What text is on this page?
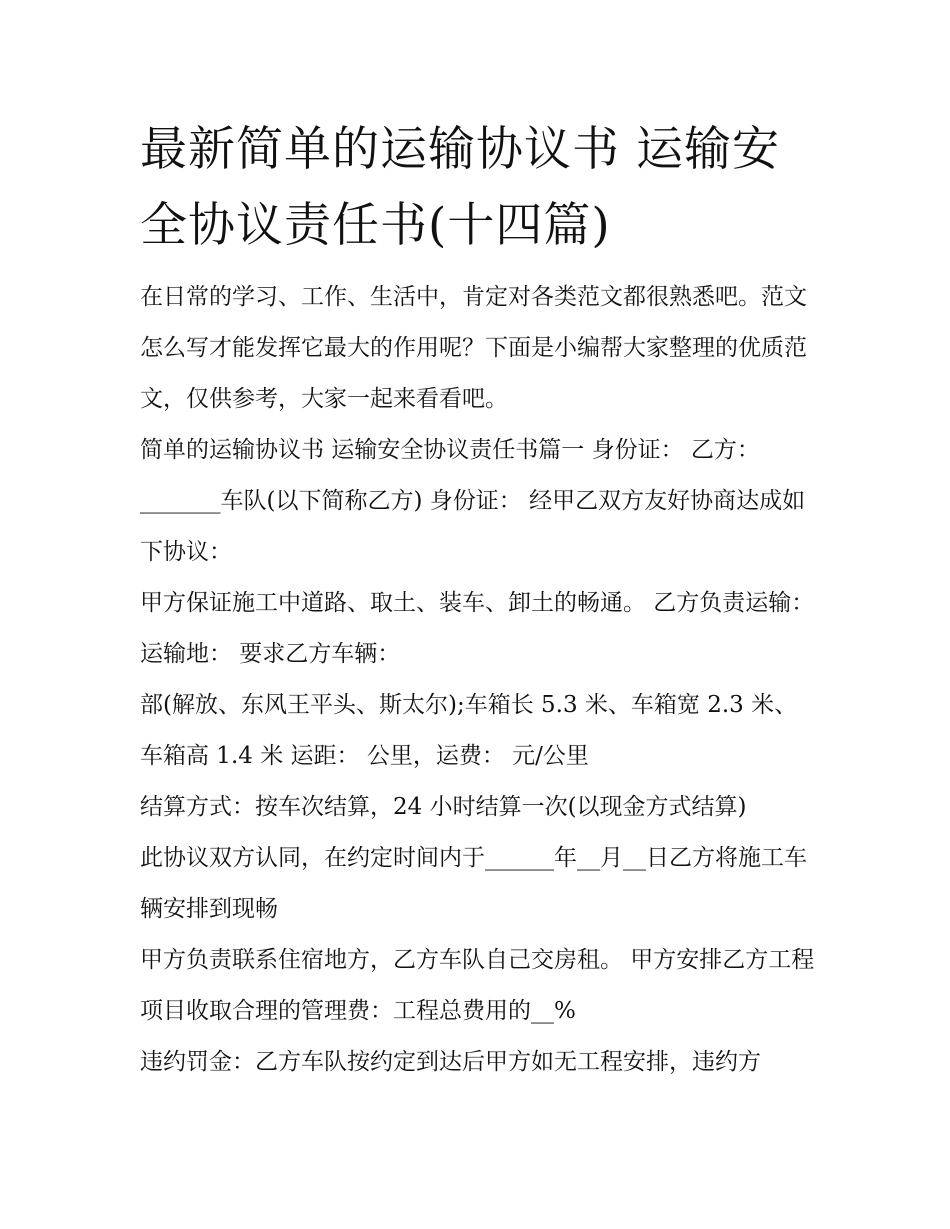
最新简单的运输协议书 运输安全协议责任书(十四篇)

在日常的学习、工作、生活中，肯定对各类范文都很熟悉吧。范文怎么写才能发挥它最大的作用呢？下面是小编帮大家整理的优质范文，仅供参考，大家一起来看看吧。

简单的运输协议书 运输安全协议责任书篇一 身份证： 乙方：_______车队(以下简称乙方) 身份证： 经甲乙双方友好协商达成如下协议：

甲方保证施工中道路、取土、装车、卸土的畅通。 乙方负责运输： 运输地： 要求乙方车辆：

部(解放、东风王平头、斯太尔);车箱长 5.3 米、车箱宽 2.3 米、车箱高 1.4 米 运距： 公里，运费： 元/公里

结算方式：按车次结算，24 小时结算一次(以现金方式结算)

此协议双方认同，在约定时间内于______年__月__日乙方将施工车辆安排到现畅

甲方负责联系住宿地方，乙方车队自己交房租。 甲方安排乙方工程项目收取合理的管理费：工程总费用的__%

违约罚金：乙方车队按约定到达后甲方如无工程安排，违约方
